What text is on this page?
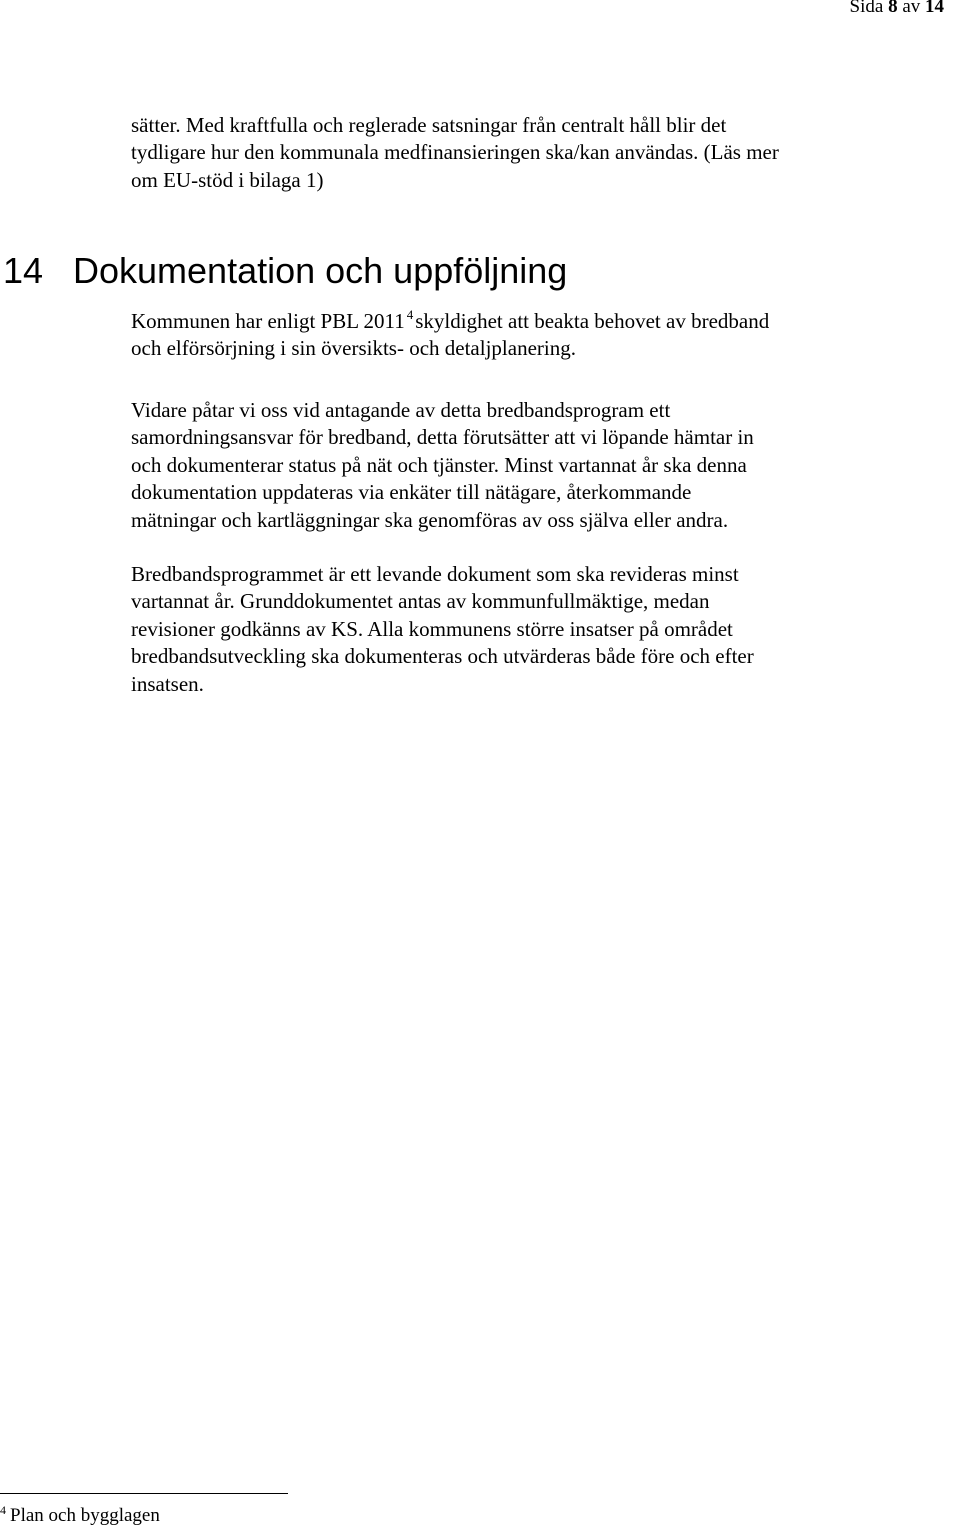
Sida 8 av 14

sätter. Med kraftfulla och reglerade satsningar från centralt håll blir det
tydligare hur den kommunala medfinansieringen ska/kan användas. (Läs mer
om EU-stöd i bilaga 1)

14 Dokumentation och uppföljning

Kommunen har enligt PBL 2011 $^4$skyldighet att beakta behovet av bredband
och elförsörjning i sin översikts- och detaljplanering.

Vidare påtar vi oss vid antagande av detta bredbandsprogram ett
samordningsansvar för bredband, detta förutsätter att vi löpande hämtar in
och dokumenterar status på nät och tjänster. Minst vartannat år ska denna
dokumentation uppdateras via enkäter till nätägare, återkommande
mätningar och kartläggningar ska genomföras av oss själva eller andra.

Bredbandsprogrammet är ett levande dokument som ska revideras minst
vartannat år. Grunddokumentet antas av kommunfullmäktige, medan
revisioner godkänns av KS. Alla kommunens större insatser på området
bredbandsutveckling ska dokumenteras och utvärderas både före och efter
insatsen.

$^4$ Plan och bygglagen
